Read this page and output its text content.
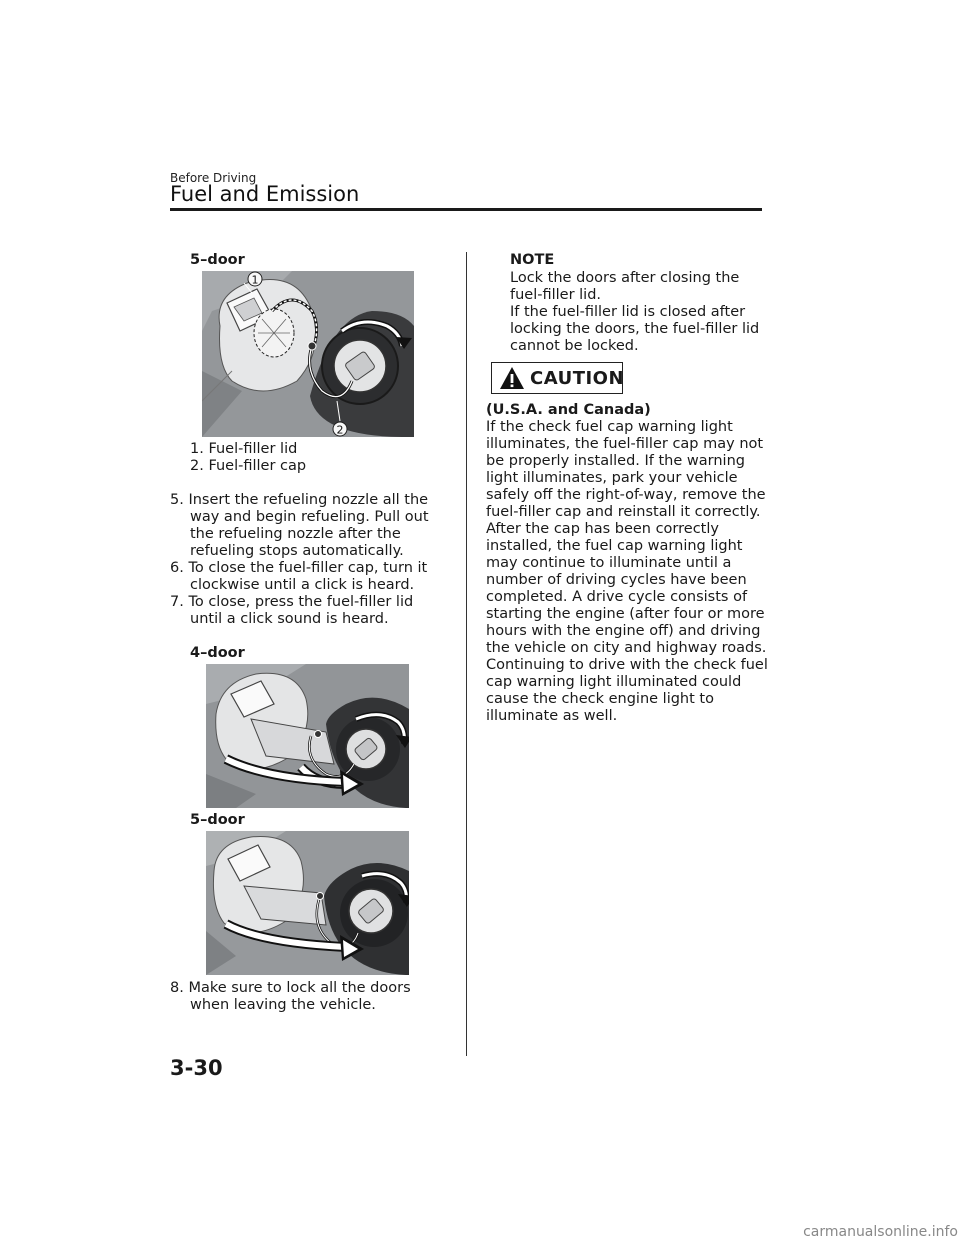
Before Driving
Fuel and Emission
5–door
1
2
1. Fuel-filler lid
2. Fuel-filler cap
5. Insert the refueling nozzle all the
way and begin refueling. Pull out
the refueling nozzle after the
refueling stops automatically.
6. To close the fuel-filler cap, turn it
clockwise until a click is heard.
7. To close, press the fuel-filler lid
until a click sound is heard.
4–door
5–door
8. Make sure to lock all the doors
when leaving the vehicle.
NOTE
Lock the doors after closing the
fuel-filler lid.
If the fuel-filler lid is closed after
locking the doors, the fuel-filler lid
cannot be locked.
CAUTION
(U.S.A. and Canada)
If the check fuel cap warning light
illuminates, the fuel-filler cap may not
be properly installed. If the warning
light illuminates, park your vehicle
safely off the right-of-way, remove the
fuel-filler cap and reinstall it correctly.
After the cap has been correctly
installed, the fuel cap warning light
may continue to illuminate until a
number of driving cycles have been
completed. A drive cycle consists of
starting the engine (after four or more
hours with the engine off) and driving
the vehicle on city and highway roads.
Continuing to drive with the check fuel
cap warning light illuminated could
cause the check engine light to
illuminate as well.
3-30
carmanualsonline.info
